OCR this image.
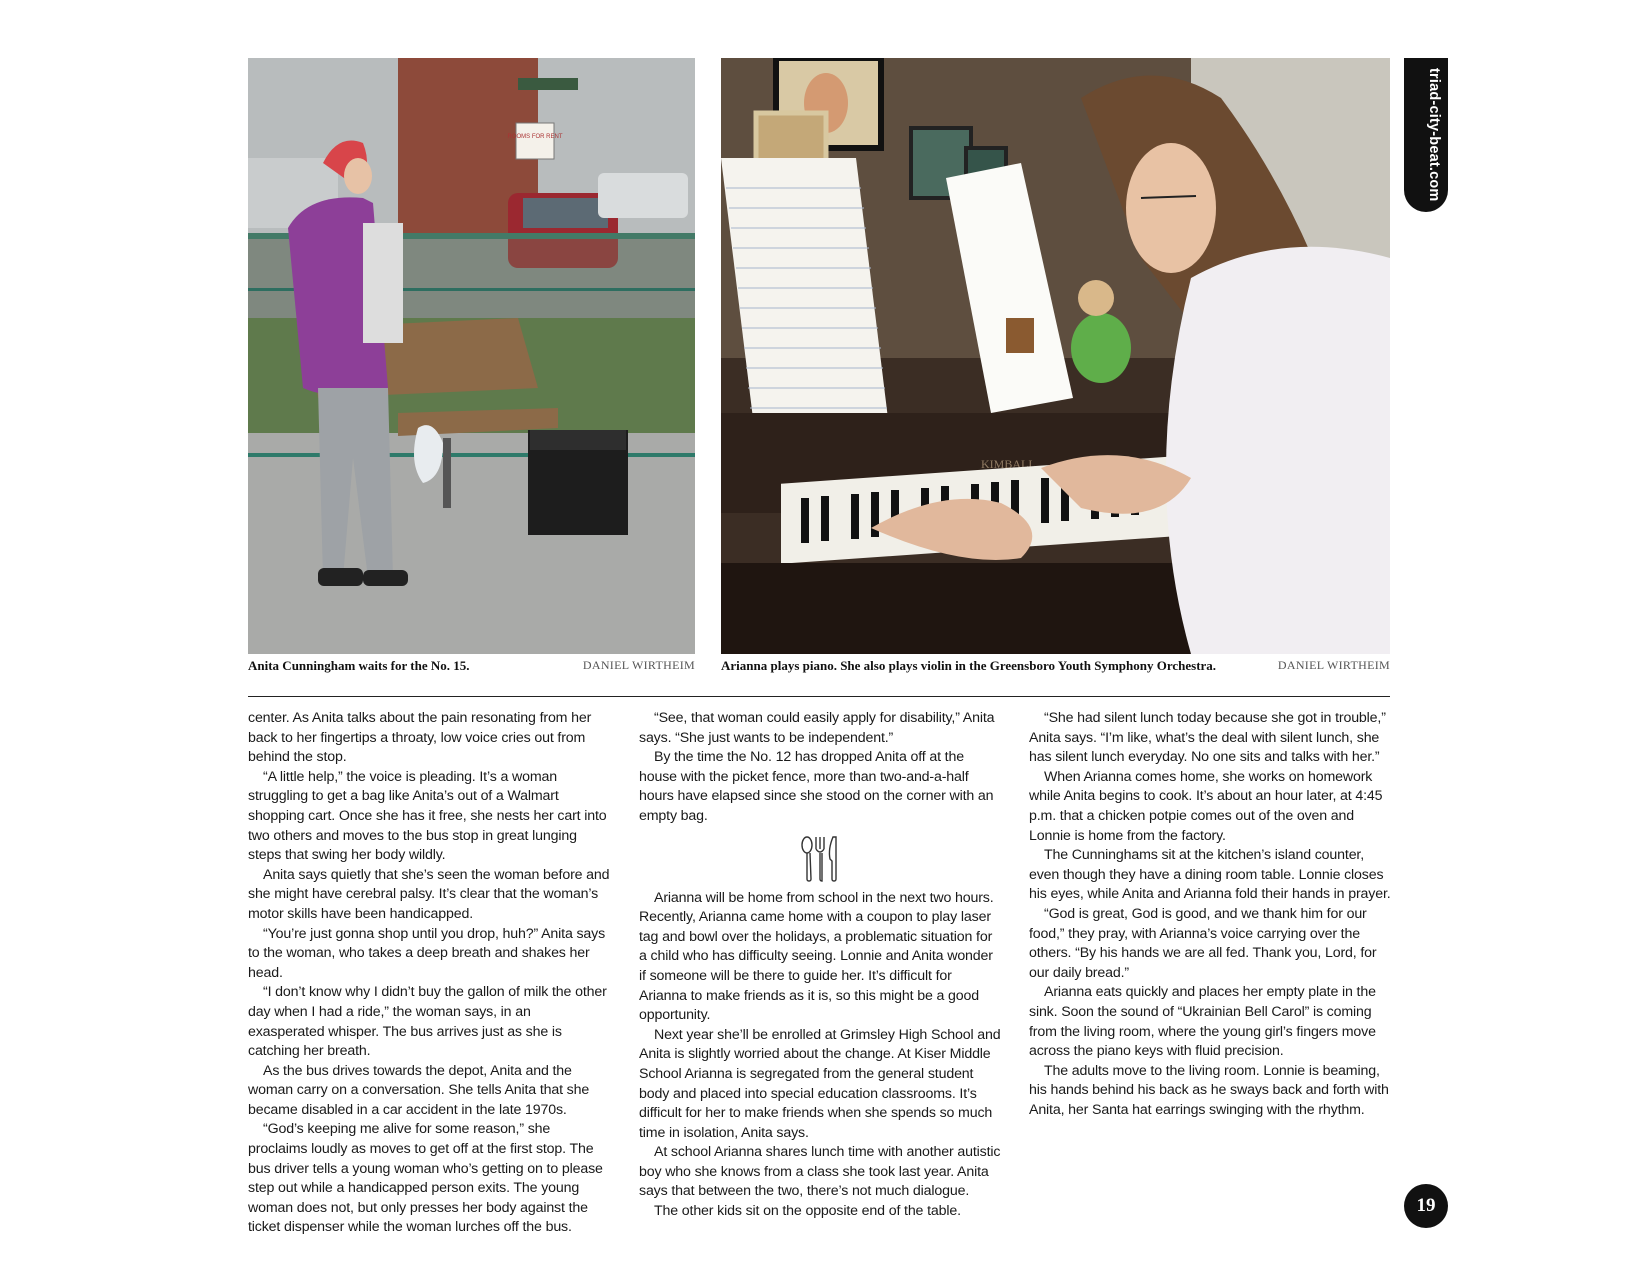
ROOMS FOR RENT
KIMBALL
Anita Cunningham waits for the No. 15.	DANIEL WIRTHEIM Arianna plays piano. She also plays violin in the Greensboro Youth Symphony Orchestra.	DANIEL WIRTHEIM

center. As Anita talks about the pain resonating from her back to her fingertips a throaty, low voice cries out from behind the stop.

“A little help,” the voice is pleading. It’s a woman struggling to get a bag like Anita’s out of a Walmart shopping cart. Once she has it free, she nests her cart into two others and moves to the bus stop in great lunging steps that swing her body wildly.

Anita says quietly that she’s seen the woman before and she might have cerebral palsy. It’s clear that the woman’s motor skills have been handicapped.

“You’re just gonna shop until you drop, huh?” Anita says to the woman, who takes a deep breath and shakes her head.

“I don’t know why I didn’t buy the gallon of milk the other day when I had a ride,” the woman says, in an exasperated whisper. The bus arrives just as she is catching her breath.

As the bus drives towards the depot, Anita and the woman carry on a conversation. She tells Anita that she became disabled in a car accident in the late 1970s.

“God’s keeping me alive for some reason,” she proclaims loudly as moves to get off at the first stop. The bus driver tells a young woman who’s getting on to please step out while a handicapped person exits. The young woman does not, but only presses her body against the ticket dispenser while the woman lurches off the bus.

“See, that woman could easily apply for disability,” Anita says. “She just wants to be independent.”

By the time the No. 12 has dropped Anita off at the house with the picket fence, more than two-and-a-half hours have elapsed since she stood on the corner with an empty bag.

Arianna will be home from school in the next two hours. Recently, Arianna came home with a coupon to play laser tag and bowl over the holidays, a problematic situation for a child who has difficulty seeing. Lonnie and Anita wonder if someone will be there to guide her. It’s difficult for Arianna to make friends as it is, so this might be a good opportunity.

Next year she’ll be enrolled at Grimsley High School and Anita is slightly worried about the change. At Kiser Middle School Arianna is segregated from the general student body and placed into special education classrooms. It’s difficult for her to make friends when she spends so much time in isolation, Anita says.

At school Arianna shares lunch time with another autistic boy who she knows from a class she took last year. Anita says that between the two, there’s not much dialogue.

The other kids sit on the opposite end of the table.

“She had silent lunch today because she got in trouble,” Anita says. “I’m like, what’s the deal with silent lunch, she has silent lunch everyday. No one sits and talks with her.”

When Arianna comes home, she works on homework while Anita begins to cook. It’s about an hour later, at 4:45 p.m. that a chicken potpie comes out of the oven and Lonnie is home from the factory.

The Cunninghams sit at the kitchen’s island counter, even though they have a dining room table. Lonnie closes his eyes, while Anita and Arianna fold their hands in prayer.

“God is great, God is good, and we thank him for our food,” they pray, with Arianna’s voice carrying over the others. “By his hands we are all fed. Thank you, Lord, for our daily bread.”

Arianna eats quickly and places her empty plate in the sink. Soon the sound of “Ukrainian Bell Carol” is coming from the living room, where the young girl’s fingers move across the piano keys with fluid precision.

The adults move to the living room. Lonnie is beaming, his hands behind his back as he sways back and forth with Anita, her Santa hat earrings swinging with the rhythm.

triad-city-beat.com
19
